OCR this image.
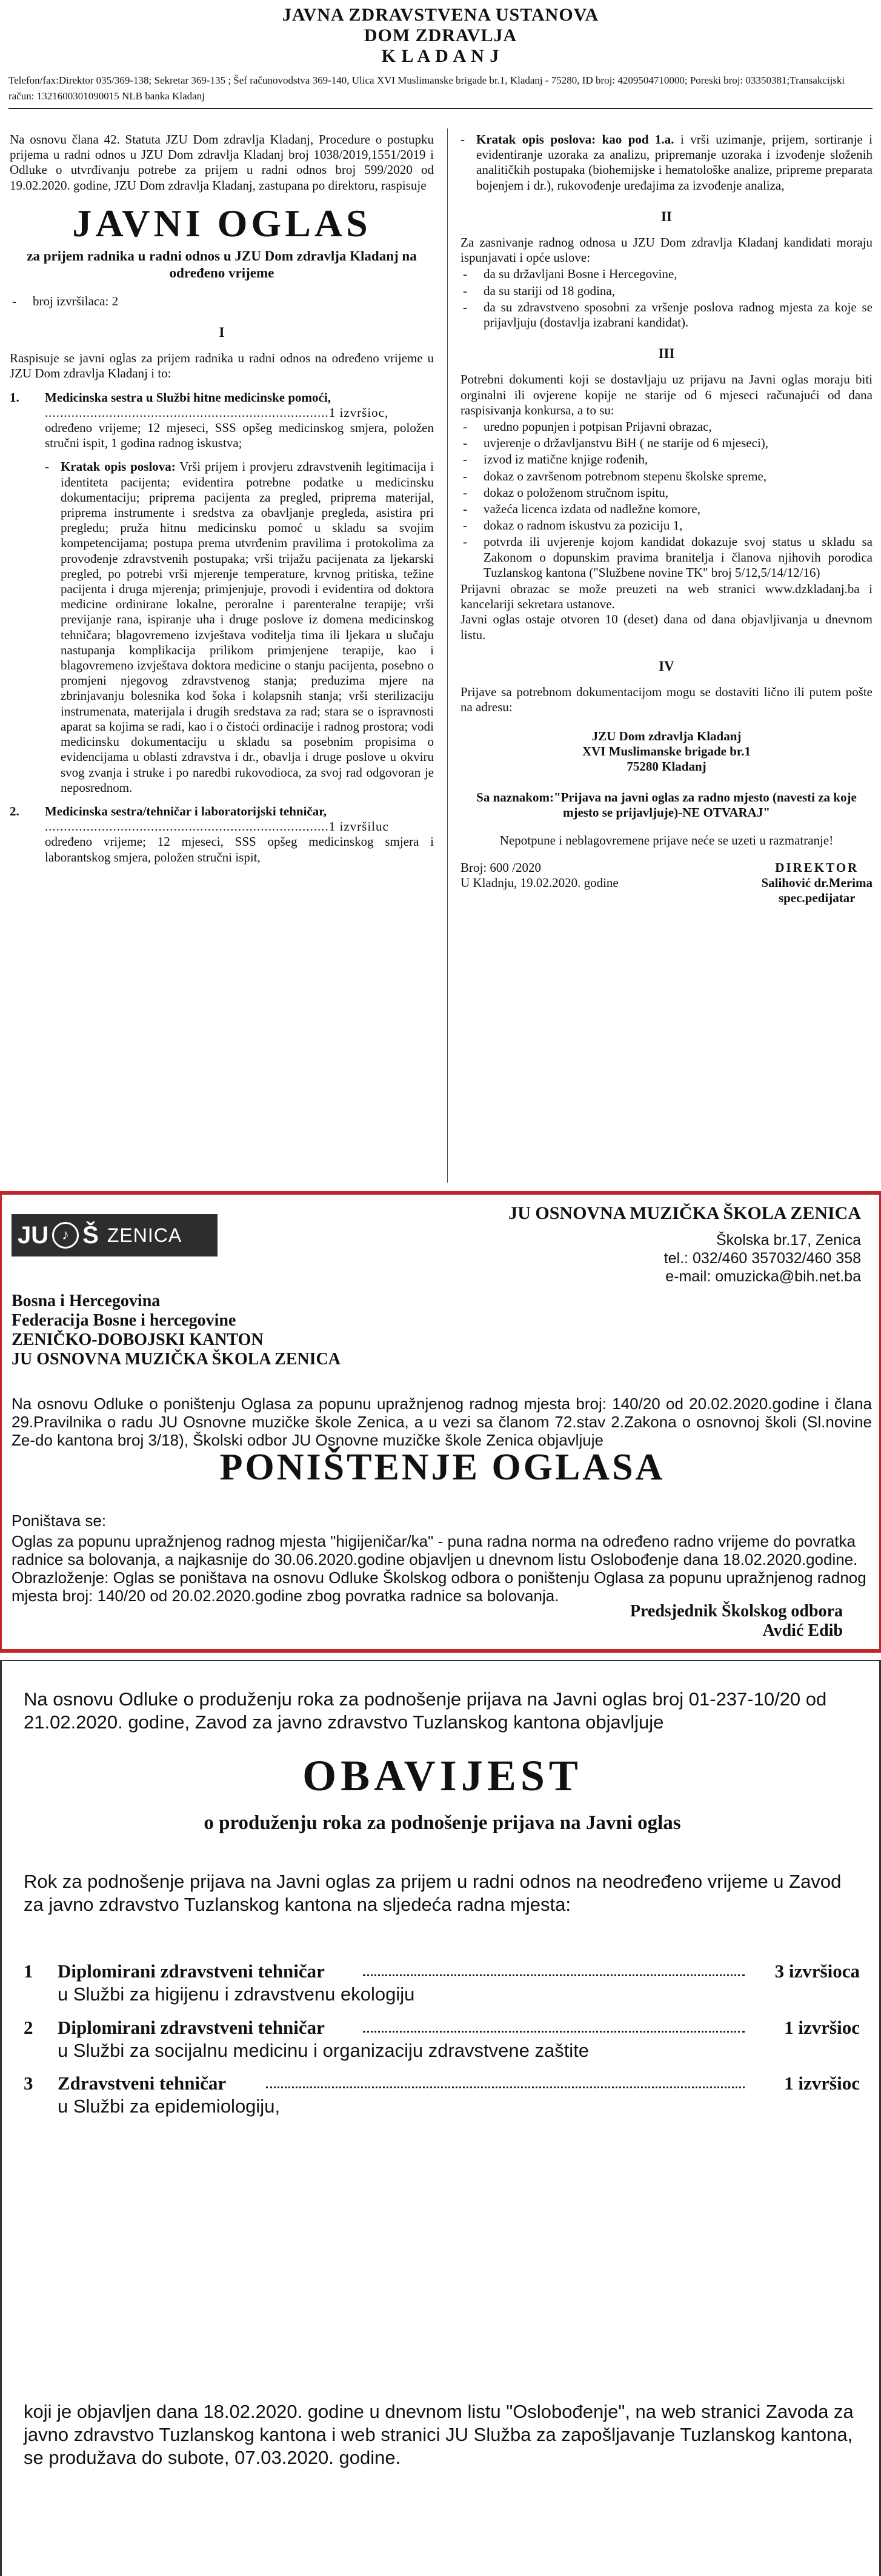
JAVNA ZDRAVSTVENA USTANOVA
DOM ZDRAVLJA
K L A D A N J
Telefon/fax:Direktor 035/369-138; Sekretar 369-135 ; Šef računovodstva 369-140, Ulica XVI Muslimanske brigade br.1, Kladanj - 75280, ID broj: 4209504710000; Poreski broj: 03350381;Transakcijski račun: 1321600301090015 NLB banka Kladanj

Na osnovu člana 42. Statuta JZU Dom zdravlja Kladanj, Procedure o postupku prijema u radni odnos u JZU Dom zdravlja Kladanj broj 1038/2019,1551/2019 i Odluke o utvrđivanju potrebe za prijem u radni odnos broj 599/2020 od 19.02.2020. godine, JZU Dom zdravlja Kladanj, zastupana po direktoru, raspisuje

JAVNI OGLAS
za prijem radnika u radni odnos u JZU Dom zdravlja Kladanj na određeno vrijeme
- broj izvršilaca: 2
I

Raspisuje se javni oglas za prijem radnika u radni odnos na određeno vrijeme u JZU Dom zdravlja Kladanj i to:

1. Medicinska sestra u Službi hitne medicinske pomoći,
...........................................................................1 izvršioc,
određeno vrijeme; 12 mjeseci, SSS opšeg medicinskog smjera, položen stručni ispit, 1 godina radnog iskustva;
- Kratak opis poslova: Vrši prijem i provjeru zdravstvenih legitimacija i identiteta pacijenta; evidentira potrebne podatke u medicinsku dokumentaciju; priprema pacijenta za pregled, priprema materijal, priprema instrumente i sredstva za obavljanje pregleda, asistira pri pregledu; pruža hitnu medicinsku pomoć u skladu sa svojim kompetencijama; postupa prema utvrđenim pravilima i protokolima za provođenje zdravstvenih postupaka; vrši trijažu pacijenata za ljekarski pregled, po potrebi vrši mjerenje temperature, krvnog pritiska, težine pacijenta i druga mjerenja; primjenjuje, provodi i evidentira od doktora medicine ordinirane lokalne, peroralne i parenteralne terapije; vrši previjanje rana, ispiranje uha i druge poslove iz domena medicinskog tehničara; blagovremeno izvještava voditelja tima ili ljekara u slučaju nastupanja komplikacija prilikom primjenjene terapije, kao i blagovremeno izvještava doktora medicine o stanju pacijenta, posebno o promjeni njegovog zdravstvenog stanja; preduzima mjere na zbrinjavanju bolesnika kod šoka i kolapsnih stanja; vrši sterilizaciju instrumenata, materijala i drugih sredstava za rad; stara se o ispravnosti aparat sa kojima se radi, kao i o čistoći ordinacije i radnog prostora; vodi medicinsku dokumentaciju u skladu sa posebnim propisima o evidencijama u oblasti zdravstva i dr., obavlja i druge poslove u okviru svog zvanja i struke i po naredbi rukovodioca, za svoj rad odgovoran je neposrednom.
2. Medicinska sestra/tehničar i laboratorijski tehničar,
...........................................................................1 izvršiluc
određeno vrijeme; 12 mjeseci, SSS opšeg medicinskog smjera i laborantskog smjera, položen stručni ispit,
- Kratak opis poslova: kao pod 1.a. i vrši uzimanje, prijem, sortiranje i evidentiranje uzoraka za analizu, pripremanje uzoraka i izvođenje složenih analitičkih postupaka (biohemijske i hematološke analize, pripreme preparata bojenjem i dr.), rukovođenje uređajima za izvođenje analiza,
II

Za zasnivanje radnog odnosa u JZU Dom zdravlja Kladanj kandidati moraju ispunjavati i opće uslove:

- da su državljani Bosne i Hercegovine,
- da su stariji od 18 godina,
- da su zdravstveno sposobni za vršenje poslova radnog mjesta za koje se prijavljuju (dostavlja izabrani kandidat).
III

Potrebni dokumenti koji se dostavljaju uz prijavu na Javni oglas moraju biti orginalni ili ovjerene kopije ne starije od 6 mjeseci računajući od dana raspisivanja konkursa, a to su:

- uredno popunjen i potpisan Prijavni obrazac,
- uvjerenje o državljanstvu BiH ( ne starije od 6 mjeseci),
- izvod iz matične knjige rođenih,
- dokaz o završenom potrebnom stepenu školske spreme,
- dokaz o položenom stručnom ispitu,
- važeća licenca izdata od nadležne komore,
- dokaz o radnom iskustvu za poziciju 1,
- potvrda ili uvjerenje kojom kandidat dokazuje svoj status u skladu sa Zakonom o dopunskim pravima branitelja i članova njihovih porodica Tuzlanskog kantona ("Službene novine TK" broj 5/12,5/14/12/16)

Prijavni obrazac se može preuzeti na web stranici www.dzkladanj.ba i kancelariji sekretara ustanove.

Javni oglas ostaje otvoren 10 (deset) dana od dana objavljivanja u dnevnom listu.

IV

Prijave sa potrebnom dokumentacijom mogu se dostaviti lično ili putem pošte na adresu:

JZU Dom zdravlja Kladanj
XVI Muslimanske brigade br.1
75280 Kladanj

Sa naznakom:"Prijava na javni oglas za radno mjesto (navesti za koje mjesto se prijavljuje)-NE OTVARAJ"

Nepotpune i neblagovremene prijave neće se uzeti u razmatranje!

Broj: 600 /2020
U Kladnju, 19.02.2020. godine
DIREKTOR
Salihović dr.Merima
spec.pedijatar
JU ♪ Š ZENICA
JU OSNOVNA MUZIČKA ŠKOLA ZENICA
Školska br.17, Zenica
tel.: 032/460 357032/460 358
e-mail: omuzicka@bih.net.ba
Bosna i Hercegovina
Federacija Bosne i hercegovine
ZENIČKO-DOBOJSKI KANTON
JU OSNOVNA MUZIČKA ŠKOLA ZENICA
Na osnovu Odluke o poništenju Oglasa za popunu upražnjenog radnog mjesta broj: 140/20 od 20.02.2020.godine i člana 29.Pravilnika o radu JU Osnovne muzičke škole Zenica, a u vezi sa članom 72.stav 2.Zakona o osnovnoj školi (Sl.novine Ze-do kantona broj 3/18), Školski odbor JU Osnovne muzičke škole Zenica objavljuje
PONIŠTENJE OGLASA

Poništava se:

Oglas za popunu upražnjenog radnog mjesta "higijeničar/ka" - puna radna norma na određeno radno vrijeme do povratka radnice sa bolovanja, a najkasnije do 30.06.2020.godine objavljen u dnevnom listu Oslobođenje dana 18.02.2020.godine.

Obrazloženje: Oglas se poništava na osnovu Odluke Školskog odbora o poništenju Oglasa za popunu upražnjenog radnog mjesta broj: 140/20 od 20.02.2020.godine zbog povratka radnice sa bolovanja.

Predsjednik Školskog odbora
Avdić Edib
Na osnovu Odluke o produženju roka za podnošenje prijava na Javni oglas broj 01-237-10/20 od 21.02.2020. godine, Zavod za javno zdravstvo Tuzlanskog kantona objavljuje
OBAVIJEST
o produženju roka za podnošenje prijava na Javni oglas
Rok za podnošenje prijava na Javni oglas za prijem u radni odnos na neodređeno vrijeme u Zavod za javno zdravstvo Tuzlanskog kantona na sljedeća radna mjesta:
1 Diplomirani zdravstveni tehničar	3 izvršioca
u Službi za higijenu i zdravstvenu ekologiju
2 Diplomirani zdravstveni tehničar	1 izvršioc
u Službi za socijalnu medicinu i organizaciju zdravstvene zaštite
3 Zdravstveni tehničar	1 izvršioc
u Službi za epidemiologiju,
koji je objavljen dana 18.02.2020. godine u dnevnom listu "Oslobođenje", na web stranici Zavoda za javno zdravstvo Tuzlanskog kantona i web stranici JU Služba za zapošljavanje Tuzlanskog kantona, se produžava do subote, 07.03.2020. godine.
